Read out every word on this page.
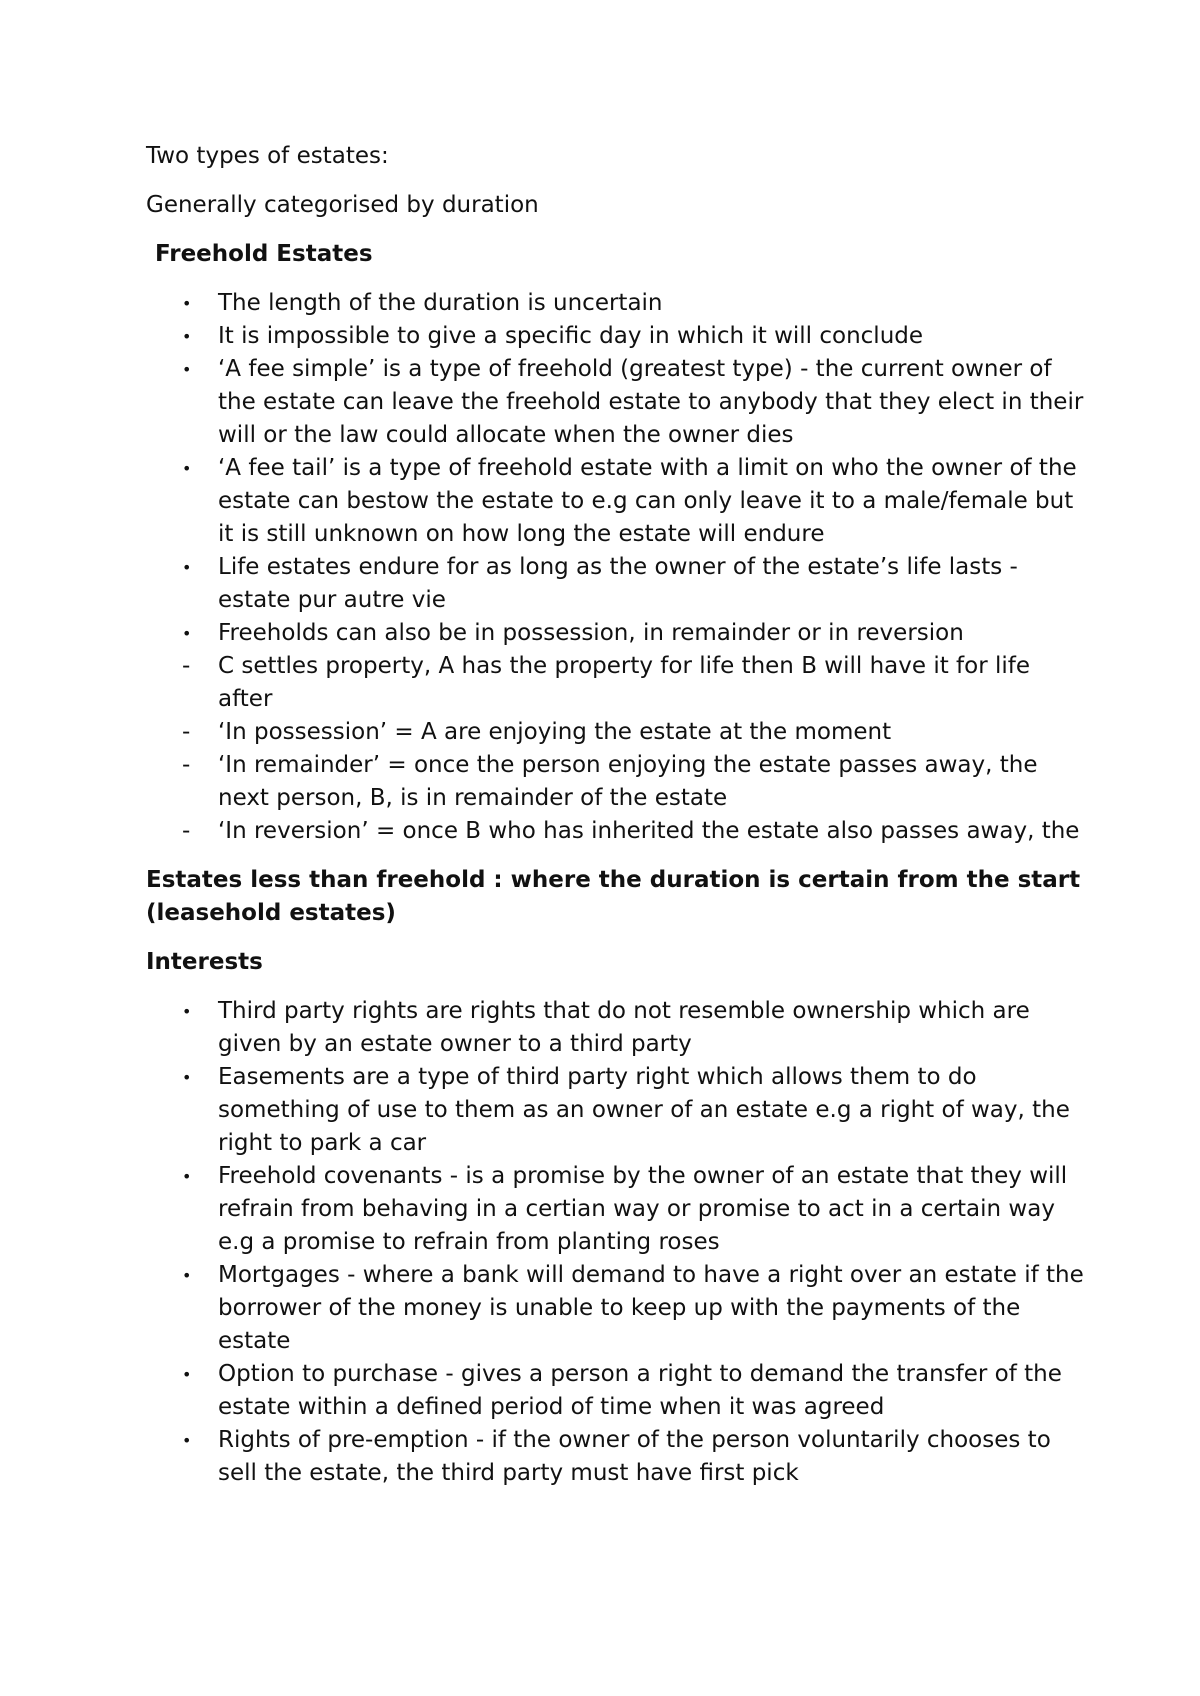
Two types of estates:

Generally categorised by duration

Freehold Estates

•	The length of the duration is uncertain
•	It is impossible to give a specific day in which it will conclude
•	‘A fee simple’ is a type of freehold (greatest type) - the current owner of the estate can leave the freehold estate to anybody that they elect in their will or the law could allocate when the owner dies
•	‘A fee tail’ is a type of freehold estate with a limit on who the owner of the estate can bestow the estate to e.g can only leave it to a male/female but it is still unknown on how long the estate will endure
•	Life estates endure for as long as the owner of the estate’s life lasts - estate pur autre vie
•	Freeholds can also be in possession, in remainder or in reversion
-	C settles property, A has the property for life then B will have it for life after
-	‘In possession’ = A are enjoying the estate at the moment
-	‘In remainder’ = once the person enjoying the estate passes away, the next person, B, is in remainder of the estate
-	‘In reversion’ = once B who has inherited the estate also passes away, the

Estates less than freehold : where the duration is certain from the start (leasehold estates)

Interests

•	Third party rights are rights that do not resemble ownership which are given by an estate owner to a third party
•	Easements are a type of third party right which allows them to do something of use to them as an owner of an estate e.g a right of way, the right to park a car
•	Freehold covenants - is a promise by the owner of an estate that they will refrain from behaving in a certian way or promise to act in a certain way e.g a promise to refrain from planting roses
•	Mortgages - where a bank will demand to have a right over an estate if the borrower of the money is unable to keep up with the payments of the estate
•	Option to purchase - gives a person a right to demand the transfer of the estate within a defined period of time when it was agreed
•	Rights of pre-emption - if the owner of the person voluntarily chooses to sell the estate, the third party must have first pick
